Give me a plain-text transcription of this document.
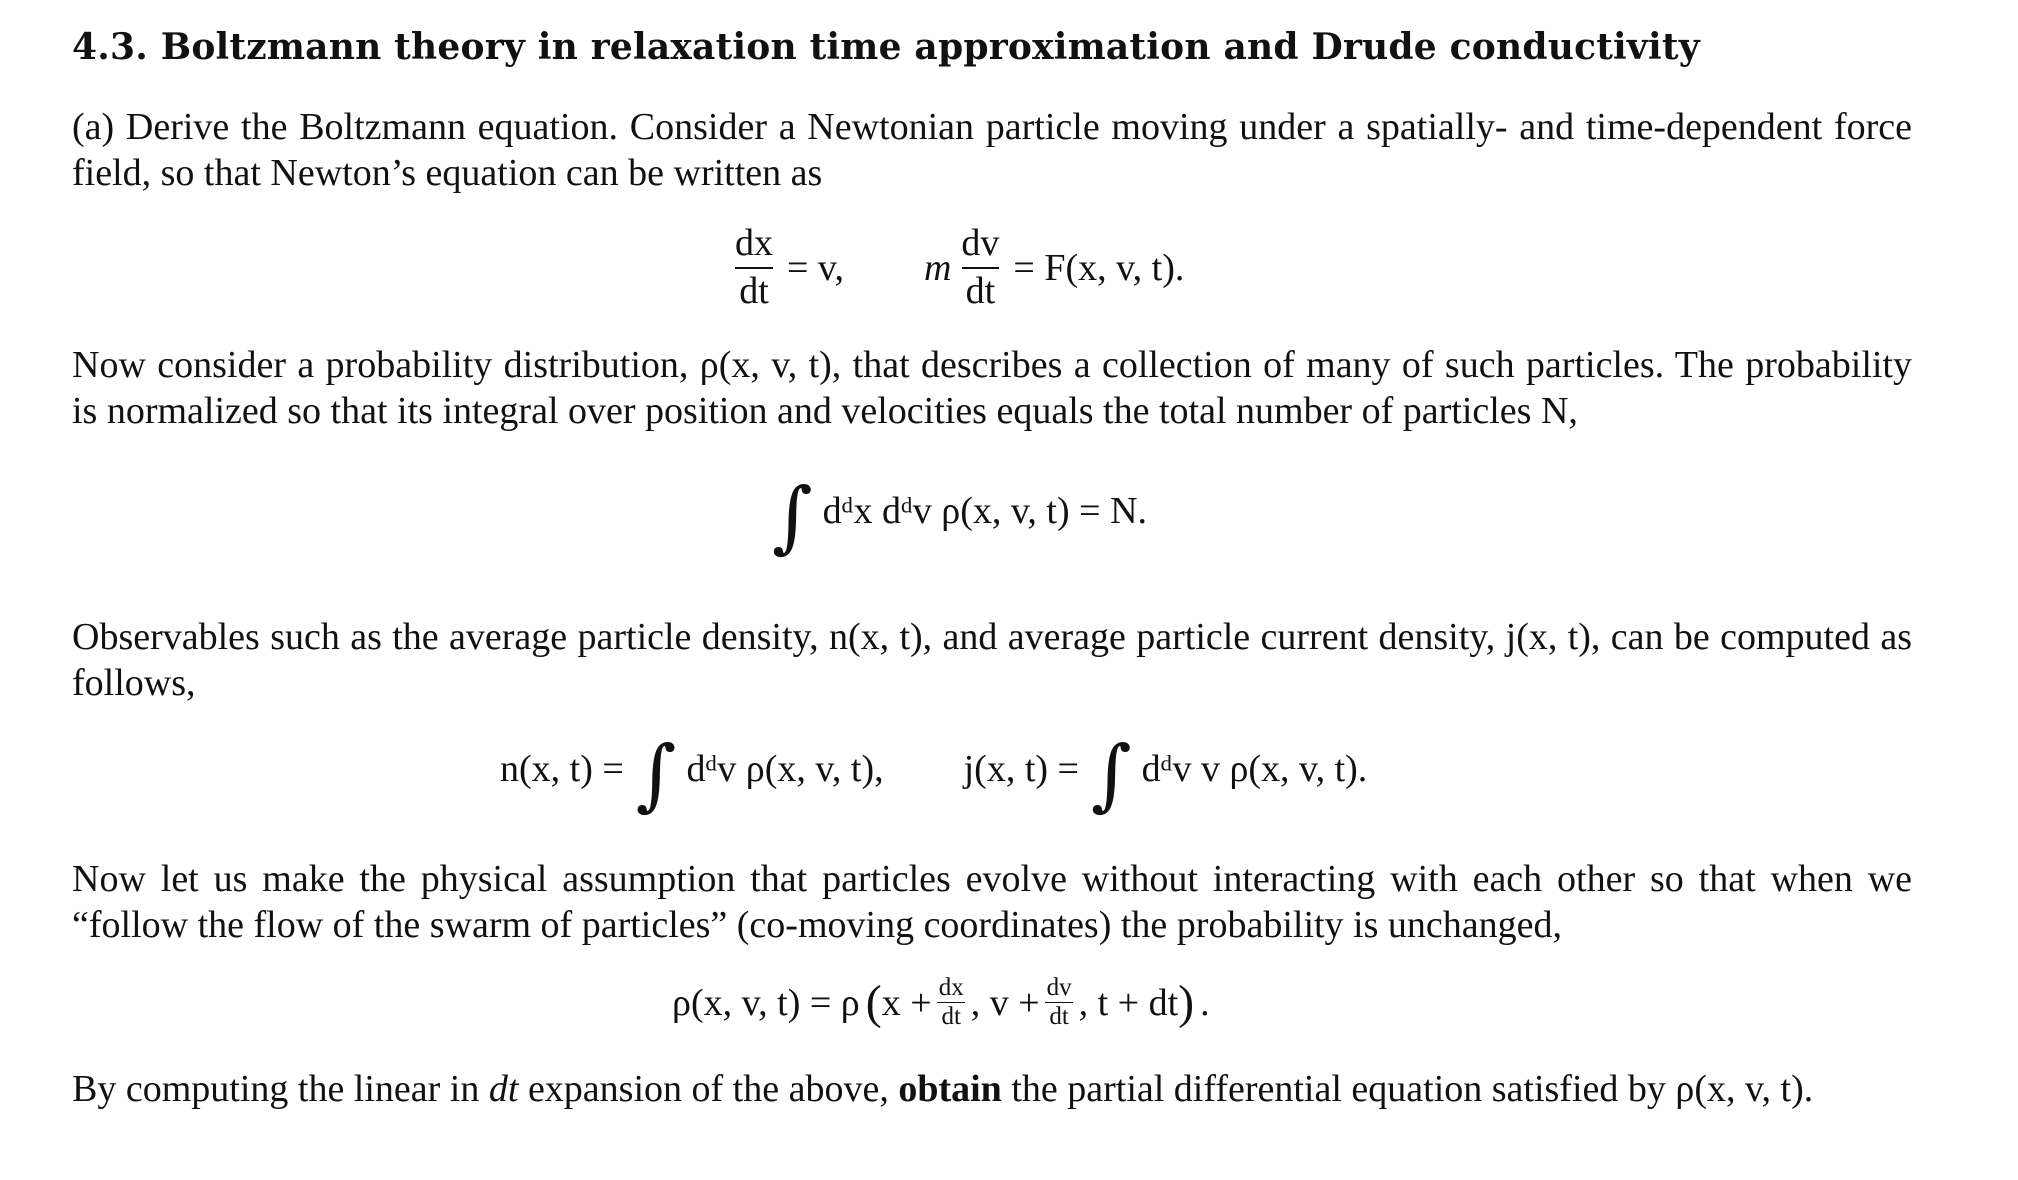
4.3. Boltzmann theory in relaxation time approximation and Drude conductivity

(a) Derive the Boltzmann equation. Consider a Newtonian particle moving under a spatially- and time-dependent force field, so that Newton’s equation can be written as

$\frac{dx}{dt} = v$, m $\frac{dv}{dt} = F(x$, v, t).

Now consider a probability distribution, ρ(x, v, t), that describes a collection of many of such particles. The probability is normalized so that its integral over position and velocities equals the total number of particles N,

∫ dᵈx dᵈv ρ(x, v, t) = N.

Observables such as the average particle density, n(x, t), and average particle current density, j(x, t), can be computed as follows,

n(x, t) = ∫ dᵈv ρ(x, v, t), j(x, t) = ∫ dᵈv v ρ(x, v, t).

Now let us make the physical assumption that particles evolve without interacting with each other so that when we “follow the flow of the swarm of particles” (co-moving coordinates) the probability is unchanged,

ρ(x, v, t) = ρ ( $x + \frac{dx}{dt}$ , $v + \frac{dv}{dt}$ , t + dt ) .

By computing the linear in dt expansion of the above, obtain the partial differential equation satisfied by ρ(x, v, t).
